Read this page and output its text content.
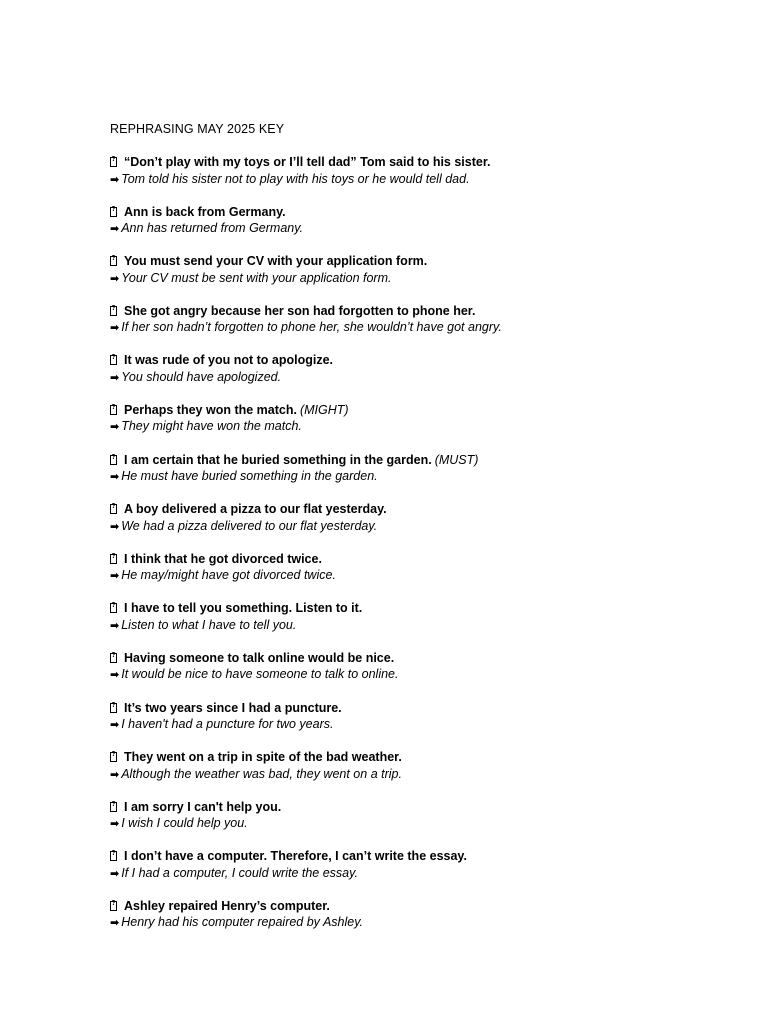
REPHRASING MAY 2025 KEY
? “Don’t play with my toys or I’ll tell dad” Tom said to his sister.
➡ Tom told his sister not to play with his toys or he would tell dad.
? Ann is back from Germany.
➡ Ann has returned from Germany.
? You must send your CV with your application form.
➡ Your CV must be sent with your application form.
? She got angry because her son had forgotten to phone her.
➡ If her son hadn’t forgotten to phone her, she wouldn’t have got angry.
? It was rude of you not to apologize.
➡ You should have apologized.
? Perhaps they won the match. (MIGHT)
➡ They might have won the match.
? I am certain that he buried something in the garden. (MUST)
➡ He must have buried something in the garden.
? A boy delivered a pizza to our flat yesterday.
➡ We had a pizza delivered to our flat yesterday.
? I think that he got divorced twice.
➡ He may/might have got divorced twice.
? I have to tell you something. Listen to it.
➡ Listen to what I have to tell you.
? Having someone to talk online would be nice.
➡ It would be nice to have someone to talk to online.
? It’s two years since I had a puncture.
➡ I haven't had a puncture for two years.
? They went on a trip in spite of the bad weather.
➡ Although the weather was bad, they went on a trip.
? I am sorry I can't help you.
➡ I wish I could help you.
? I don’t have a computer. Therefore, I can’t write the essay.
➡ If I had a computer, I could write the essay.
? Ashley repaired Henry’s computer.
➡ Henry had his computer repaired by Ashley.
